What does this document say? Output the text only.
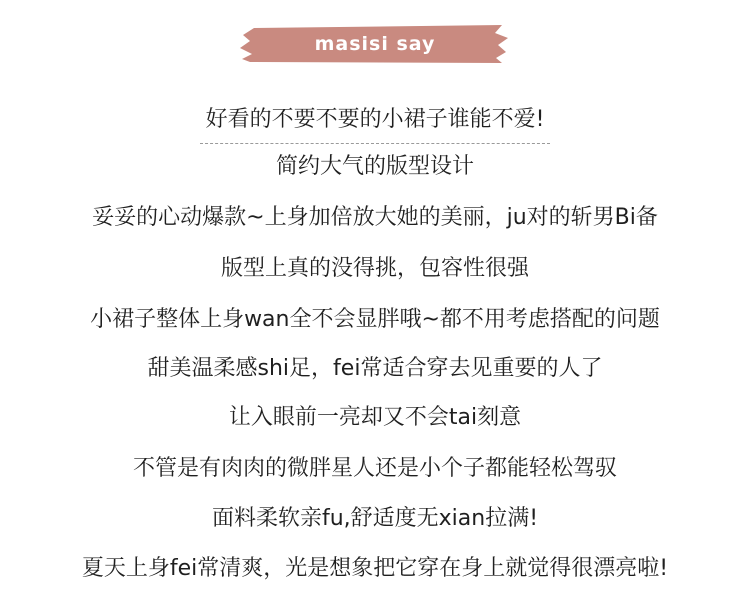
masisi say
好看的不要不要的小裙子谁能不爱!
简约大气的版型设计
妥妥的心动爆款~上身加倍放大她的美丽，ju对的斩男Bi备
版型上真的没得挑，包容性很强
小裙子整体上身wan全不会显胖哦~都不用考虑搭配的问题
甜美温柔感shi足，fei常适合穿去见重要的人了
让入眼前一亮却又不会tai刻意
不管是有肉肉的微胖星人还是小个子都能轻松驾驭
面料柔软亲fu,舒适度无xian拉满!
夏天上身fei常清爽，光是想象把它穿在身上就觉得很漂亮啦!
